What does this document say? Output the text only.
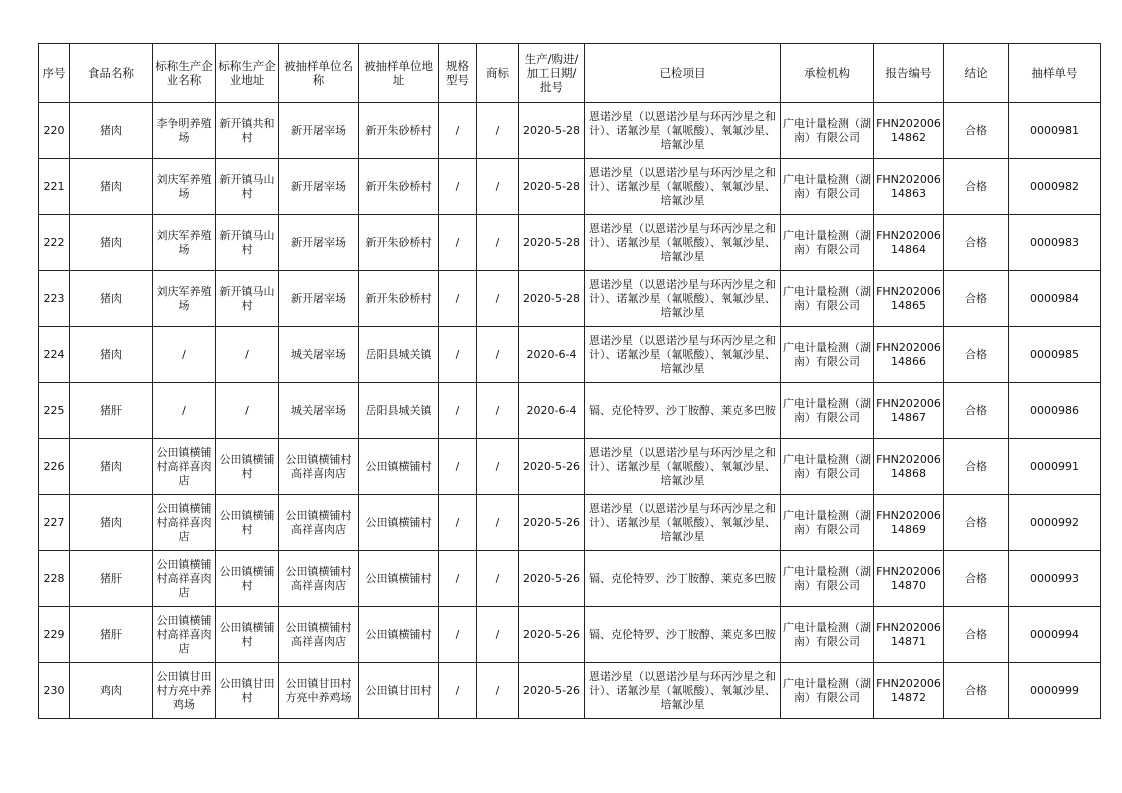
序号	食品名称	标称生产企业名称	标称生产企业地址	被抽样单位名称	被抽样单位地址	规格型号	商标	生产/购进/加工日期/批号	已检项目	承检机构	报告编号	结论	抽样单号
220	猪肉	李争明养殖场	新开镇共和村	新开屠宰场	新开朱砂桥村	/	/	2020-5-28	恩诺沙星（以恩诺沙星与环丙沙星之和计）、诺氟沙星（氟哌酸）、氧氟沙星、培氟沙星	广电计量检测（湖南）有限公司	FHN20200614862	合格	0000981
221	猪肉	刘庆军养殖场	新开镇马山村	新开屠宰场	新开朱砂桥村	/	/	2020-5-28	恩诺沙星（以恩诺沙星与环丙沙星之和计）、诺氟沙星（氟哌酸）、氧氟沙星、培氟沙星	广电计量检测（湖南）有限公司	FHN20200614863	合格	0000982
222	猪肉	刘庆军养殖场	新开镇马山村	新开屠宰场	新开朱砂桥村	/	/	2020-5-28	恩诺沙星（以恩诺沙星与环丙沙星之和计）、诺氟沙星（氟哌酸）、氧氟沙星、培氟沙星	广电计量检测（湖南）有限公司	FHN20200614864	合格	0000983
223	猪肉	刘庆军养殖场	新开镇马山村	新开屠宰场	新开朱砂桥村	/	/	2020-5-28	恩诺沙星（以恩诺沙星与环丙沙星之和计）、诺氟沙星（氟哌酸）、氧氟沙星、培氟沙星	广电计量检测（湖南）有限公司	FHN20200614865	合格	0000984
224	猪肉	/	/	城关屠宰场	岳阳县城关镇	/	/	2020-6-4	恩诺沙星（以恩诺沙星与环丙沙星之和计）、诺氟沙星（氟哌酸）、氧氟沙星、培氟沙星	广电计量检测（湖南）有限公司	FHN20200614866	合格	0000985
225	猪肝	/	/	城关屠宰场	岳阳县城关镇	/	/	2020-6-4	镉、克伦特罗、沙丁胺醇、莱克多巴胺	广电计量检测（湖南）有限公司	FHN20200614867	合格	0000986
226	猪肉	公田镇横铺村高祥喜肉店	公田镇横铺村	公田镇横铺村高祥喜肉店	公田镇横铺村	/	/	2020-5-26	恩诺沙星（以恩诺沙星与环丙沙星之和计）、诺氟沙星（氟哌酸）、氧氟沙星、培氟沙星	广电计量检测（湖南）有限公司	FHN20200614868	合格	0000991
227	猪肉	公田镇横铺村高祥喜肉店	公田镇横铺村	公田镇横铺村高祥喜肉店	公田镇横铺村	/	/	2020-5-26	恩诺沙星（以恩诺沙星与环丙沙星之和计）、诺氟沙星（氟哌酸）、氧氟沙星、培氟沙星	广电计量检测（湖南）有限公司	FHN20200614869	合格	0000992
228	猪肝	公田镇横铺村高祥喜肉店	公田镇横铺村	公田镇横铺村高祥喜肉店	公田镇横铺村	/	/	2020-5-26	镉、克伦特罗、沙丁胺醇、莱克多巴胺	广电计量检测（湖南）有限公司	FHN20200614870	合格	0000993
229	猪肝	公田镇横铺村高祥喜肉店	公田镇横铺村	公田镇横铺村高祥喜肉店	公田镇横铺村	/	/	2020-5-26	镉、克伦特罗、沙丁胺醇、莱克多巴胺	广电计量检测（湖南）有限公司	FHN20200614871	合格	0000994
230	鸡肉	公田镇甘田村方亮中养鸡场	公田镇甘田村	公田镇甘田村方亮中养鸡场	公田镇甘田村	/	/	2020-5-26	恩诺沙星（以恩诺沙星与环丙沙星之和计）、诺氟沙星（氟哌酸）、氧氟沙星、培氟沙星	广电计量检测（湖南）有限公司	FHN20200614872	合格	0000999
